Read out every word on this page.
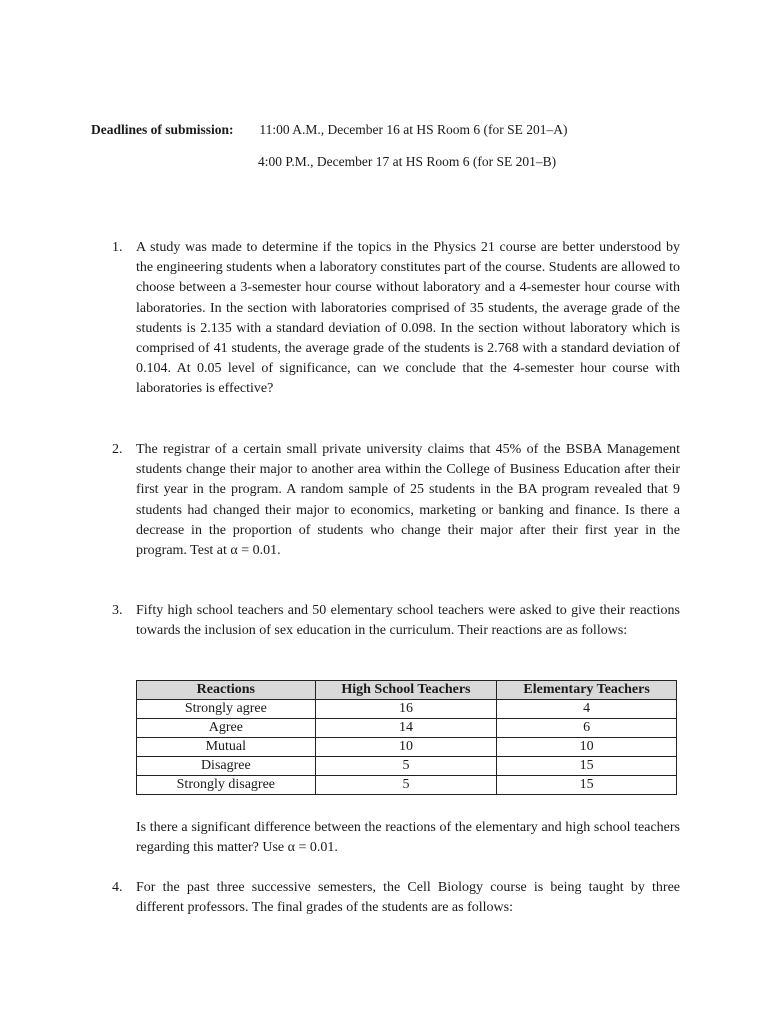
Deadlines of submission: 11:00 A.M., December 16 at HS Room 6 (for SE 201–A)
4:00 P.M., December 17 at HS Room 6 (for SE 201–B)
1. A study was made to determine if the topics in the Physics 21 course are better understood by the engineering students when a laboratory constitutes part of the course. Students are allowed to choose between a 3-semester hour course without laboratory and a 4-semester hour course with laboratories. In the section with laboratories comprised of 35 students, the average grade of the students is 2.135 with a standard deviation of 0.098. In the section without laboratory which is comprised of 41 students, the average grade of the students is 2.768 with a standard deviation of 0.104. At 0.05 level of significance, can we conclude that the 4-semester hour course with laboratories is effective?
2. The registrar of a certain small private university claims that 45% of the BSBA Management students change their major to another area within the College of Business Education after their first year in the program. A random sample of 25 students in the BA program revealed that 9 students had changed their major to economics, marketing or banking and finance. Is there a decrease in the proportion of students who change their major after their first year in the program. Test at α = 0.01.
3. Fifty high school teachers and 50 elementary school teachers were asked to give their reactions towards the inclusion of sex education in the curriculum. Their reactions are as follows:
Reactions	High School Teachers	Elementary Teachers
Strongly agree	16	4
Agree	14	6
Mutual	10	10
Disagree	5	15
Strongly disagree	5	15
Is there a significant difference between the reactions of the elementary and high school teachers regarding this matter? Use α = 0.01.
4. For the past three successive semesters, the Cell Biology course is being taught by three different professors. The final grades of the students are as follows:
